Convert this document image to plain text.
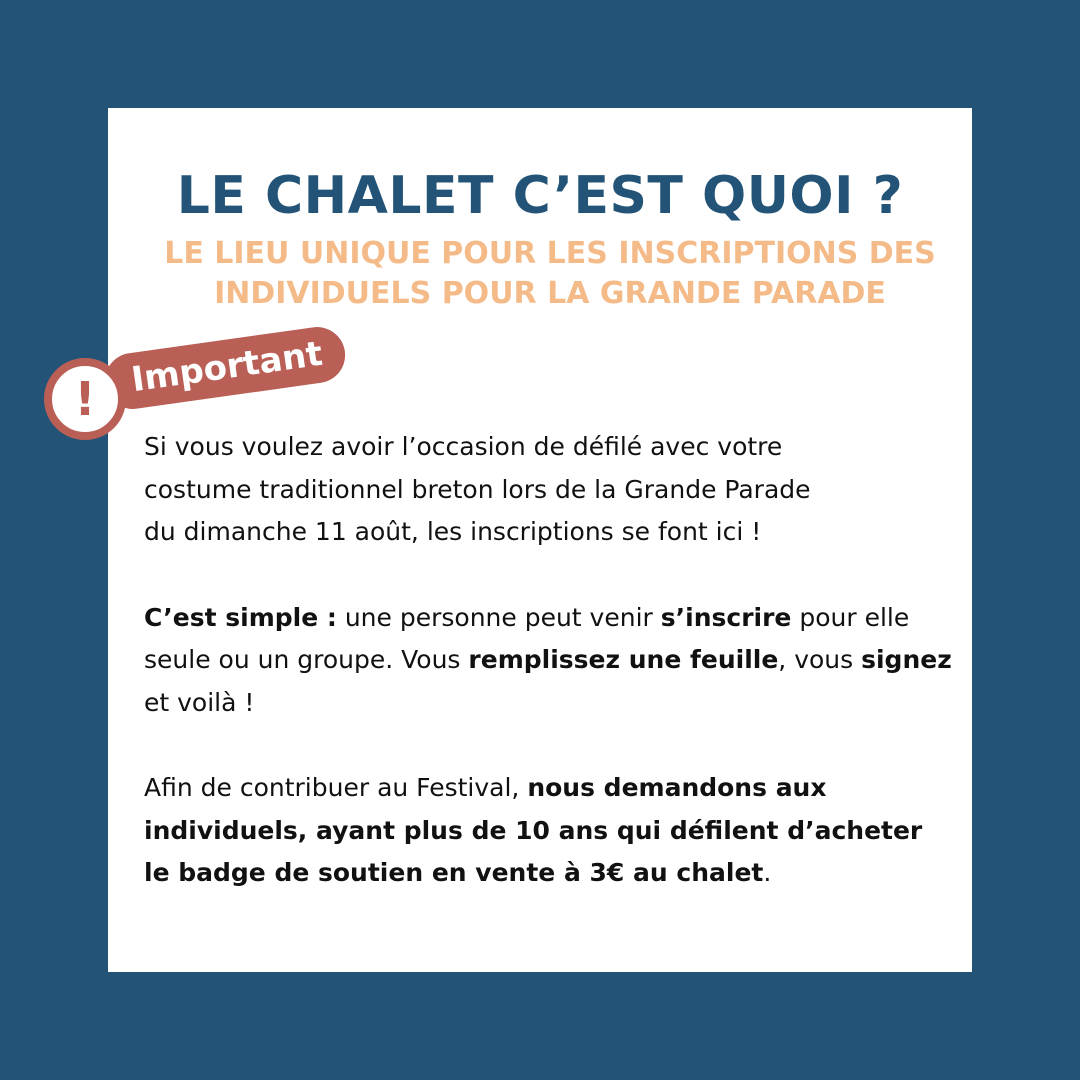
LE CHALET C’EST QUOI ?
LE LIEU UNIQUE POUR LES INSCRIPTIONS DES
INDIVIDUELS POUR LA GRANDE PARADE
Important
!

Si vous voulez avoir l’occasion de défilé avec votre
costume traditionnel breton lors de la Grande Parade
du dimanche 11 août, les inscriptions se font ici !

C’est simple : une personne peut venir s’inscrire pour elle seule ou un groupe. Vous remplissez une feuille, vous signez et voilà !

Afin de contribuer au Festival, nous demandons aux individuels, ayant plus de 10 ans qui défilent d’acheter le badge de soutien en vente à 3€ au chalet.
